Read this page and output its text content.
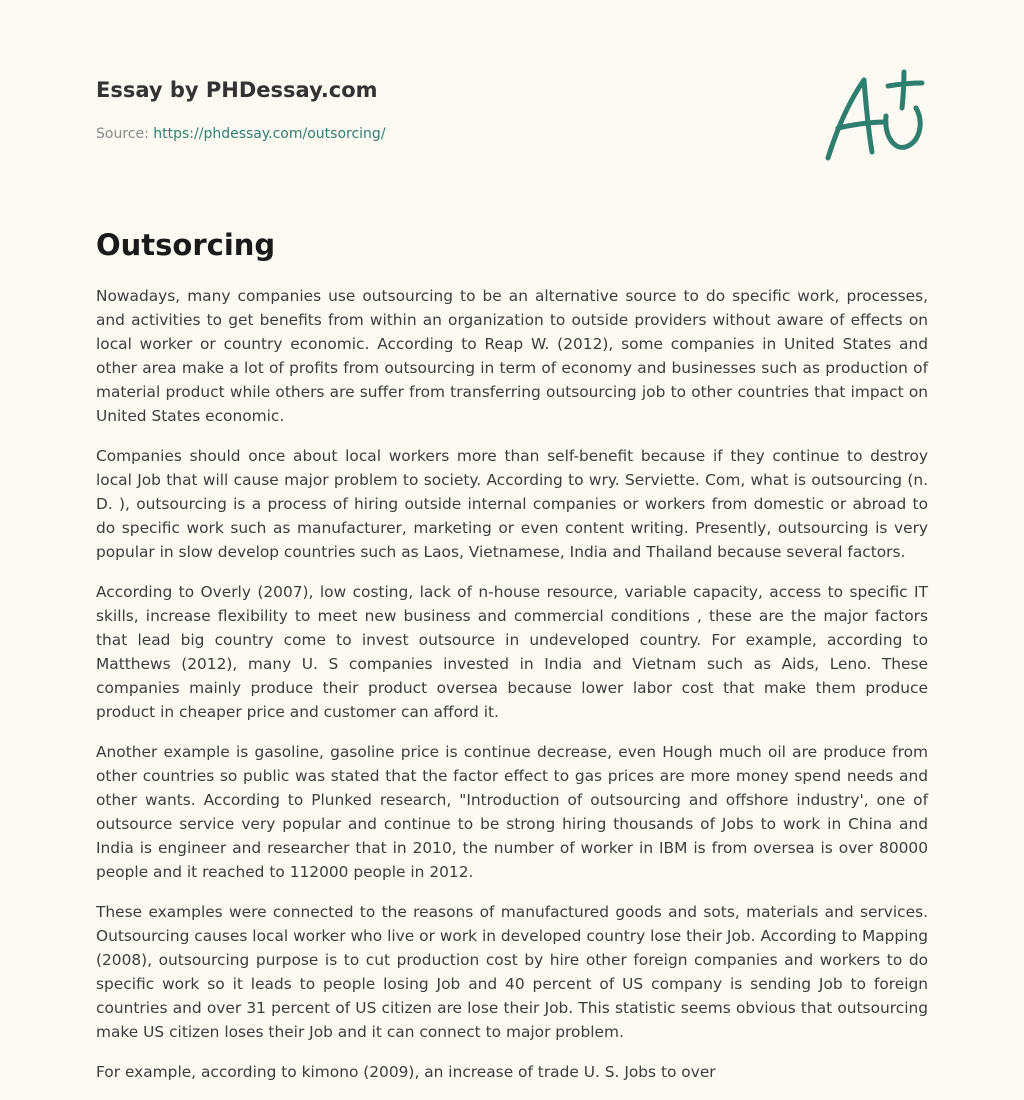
Essay by PHDessay.com
Source: https://phdessay.com/outsorcing/
Outsorcing

Nowadays, many companies use outsourcing to be an alternative source to do specific work, processes, and activities to get benefits from within an organization to outside providers without aware of effects on local worker or country economic. According to Reap W. (2012), some companies in United States and other area make a lot of profits from outsourcing in term of economy and businesses such as production of material product while others are suffer from transferring outsourcing job to other countries that impact on United States economic.

Companies should once about local workers more than self-benefit because if they continue to destroy local Job that will cause major problem to society. According to wry. Serviette. Com, what is outsourcing (n. D. ), outsourcing is a process of hiring outside internal companies or workers from domestic or abroad to do specific work such as manufacturer, marketing or even content writing. Presently, outsourcing is very popular in slow develop countries such as Laos, Vietnamese, India and Thailand because several factors.

According to Overly (2007), low costing, lack of n-house resource, variable capacity, access to specific IT skills, increase flexibility to meet new business and commercial conditions , these are the major factors that lead big country come to invest outsource in undeveloped country. For example, according to Matthews (2012), many U. S companies invested in India and Vietnam such as Aids, Leno. These companies mainly produce their product oversea because lower labor cost that make them produce product in cheaper price and customer can afford it.

Another example is gasoline, gasoline price is continue decrease, even Hough much oil are produce from other countries so public was stated that the factor effect to gas prices are more money spend needs and other wants. According to Plunked research, "Introduction of outsourcing and offshore industry', one of outsource service very popular and continue to be strong hiring thousands of Jobs to work in China and India is engineer and researcher that in 2010, the number of worker in IBM is from oversea is over 80000 people and it reached to 112000 people in 2012.

These examples were connected to the reasons of manufactured goods and sots, materials and services. Outsourcing causes local worker who live or work in developed country lose their Job. According to Mapping (2008), outsourcing purpose is to cut production cost by hire other foreign companies and workers to do specific work so it leads to people losing Job and 40 percent of US company is sending Job to foreign countries and over 31 percent of US citizen are lose their Job. This statistic seems obvious that outsourcing make US citizen loses their Job and it can connect to major problem.

For example, according to kimono (2009), an increase of trade U. S. Jobs to over
